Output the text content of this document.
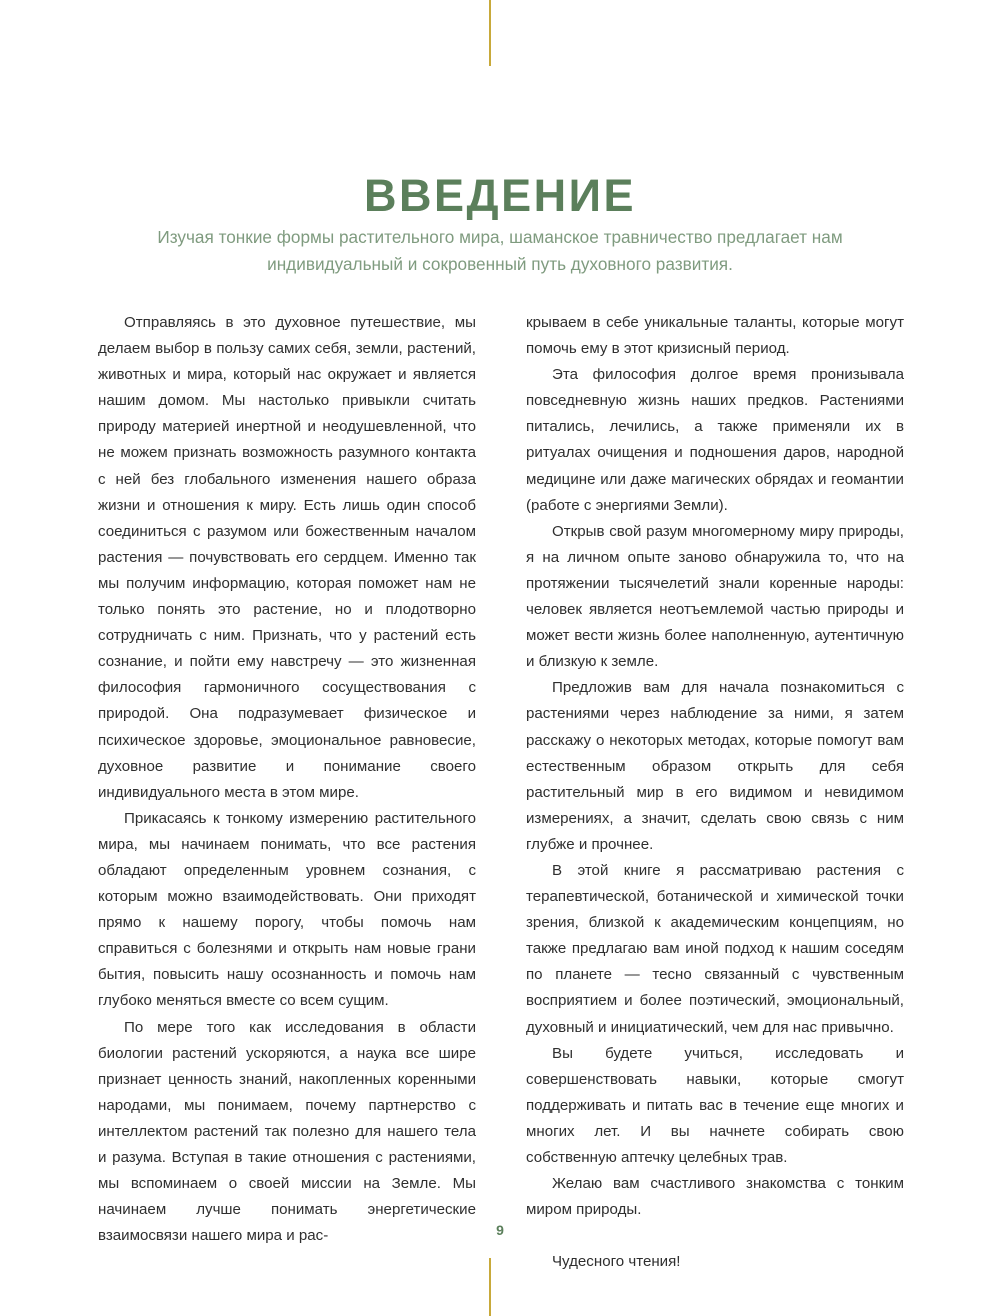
ВВЕДЕНИЕ

Изучая тонкие формы растительного мира, шаманское травничество предлагает нам индивидуальный и сокровенный путь духовного развития.

Отправляясь в это духовное путешествие, мы делаем выбор в пользу самих себя, земли, растений, животных и мира, который нас окружает и является нашим домом. Мы настолько привыкли считать природу материей инертной и неодушевленной, что не можем признать возможность разумного контакта с ней без глобального изменения нашего образа жизни и отношения к миру. Есть лишь один способ соединиться с разумом или божественным началом растения — почувствовать его сердцем. Именно так мы получим информацию, которая поможет нам не только понять это растение, но и плодотворно сотрудничать с ним. Признать, что у растений есть сознание, и пойти ему навстречу — это жизненная философия гармоничного сосуществования с природой. Она подразумевает физическое и психическое здоровье, эмоциональное равновесие, духовное развитие и понимание своего индивидуального места в этом мире.

Прикасаясь к тонкому измерению растительного мира, мы начинаем понимать, что все растения обладают определенным уровнем сознания, с которым можно взаимодействовать. Они приходят прямо к нашему порогу, чтобы помочь нам справиться с болезнями и открыть нам новые грани бытия, повысить нашу осознанность и помочь нам глубоко меняться вместе со всем сущим.

По мере того как исследования в области биологии растений ускоряются, а наука все шире признает ценность знаний, накопленных коренными народами, мы понимаем, почему партнерство с интеллектом растений так полезно для нашего тела и разума. Вступая в такие отношения с растениями, мы вспоминаем о своей миссии на Земле. Мы начинаем лучше понимать энергетические взаимосвязи нашего мира и рас-

крываем в себе уникальные таланты, которые могут помочь ему в этот кризисный период.

Эта философия долгое время пронизывала повседневную жизнь наших предков. Растениями питались, лечились, а также применяли их в ритуалах очищения и подношения даров, народной медицине или даже магических обрядах и геомантии (работе с энергиями Земли).

Открыв свой разум многомерному миру природы, я на личном опыте заново обнаружила то, что на протяжении тысячелетий знали коренные народы: человек является неотъемлемой частью природы и может вести жизнь более наполненную, аутентичную и близкую к земле.

Предложив вам для начала познакомиться с растениями через наблюдение за ними, я затем расскажу о некоторых методах, которые помогут вам естественным образом открыть для себя растительный мир в его видимом и невидимом измерениях, а значит, сделать свою связь с ним глубже и прочнее.

В этой книге я рассматриваю растения с терапевтической, ботанической и химической точки зрения, близкой к академическим концепциям, но также предлагаю вам иной подход к нашим соседям по планете — тесно связанный с чувственным восприятием и более поэтический, эмоциональный, духовный и инициатический, чем для нас привычно.

Вы будете учиться, исследовать и совершенствовать навыки, которые смогут поддерживать и питать вас в течение еще многих и многих лет. И вы начнете собирать свою собственную аптечку целебных трав.

Желаю вам счастливого знакомства с тонким миром природы.

Чудесного чтения!

9
